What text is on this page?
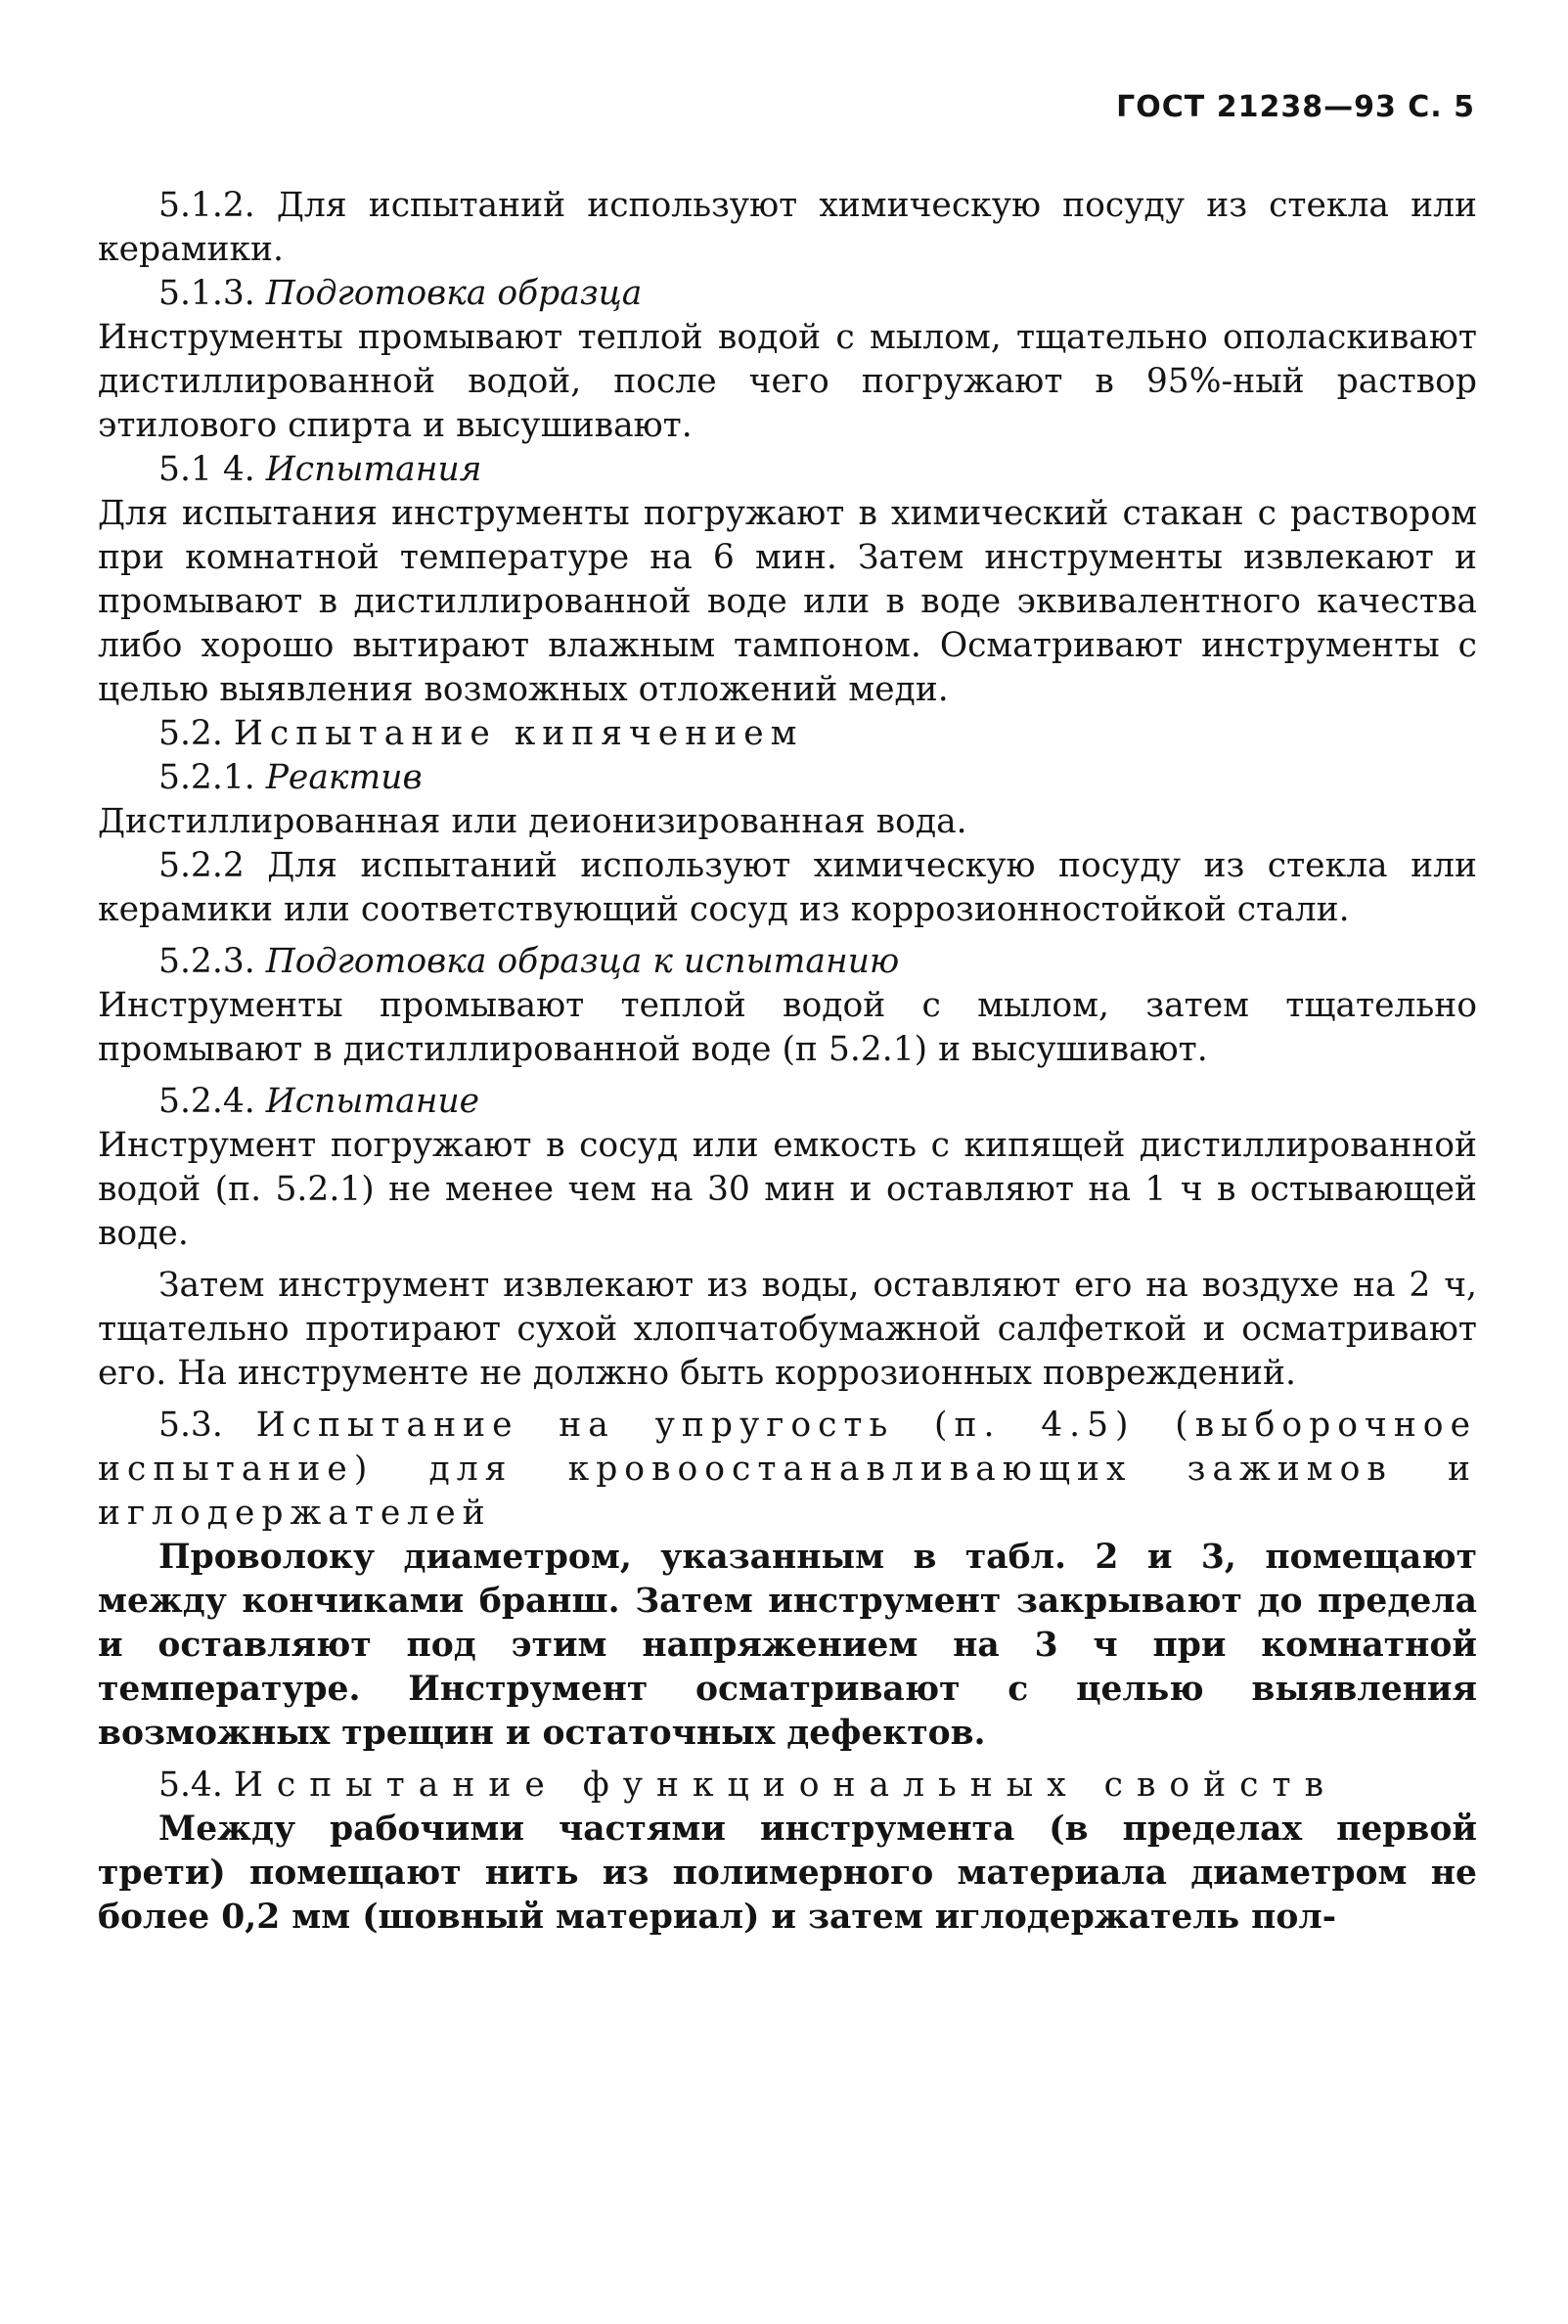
ГОСТ 21238—93 С. 5

5.1.2. Для испытаний используют химическую посуду из стекла или керамики.

5.1.3. Подготовка образца

Инструменты промывают теплой водой с мылом, тщательно ополаскивают дистиллированной водой, после чего погружают в 95%-ный раствор этилового спирта и высушивают.

5.1 4. Испытания

Для испытания инструменты погружают в химический стакан с раствором при комнатной температуре на 6 мин. Затем инструменты извлекают и промывают в дистиллированной воде или в воде эквивалентного качества либо хорошо вытирают влажным тампоном. Осматривают инструменты с целью выявления возможных отложений меди.

5.2. Испытание кипячением

5.2.1. Реактив

Дистиллированная или деионизированная вода.

5.2.2 Для испытаний используют химическую посуду из стекла или керамики или соответствующий сосуд из коррозионностойкой стали.

5.2.3. Подготовка образца к испытанию

Инструменты промывают теплой водой с мылом, затем тщательно промывают в дистиллированной воде (п 5.2.1) и высушивают.

5.2.4. Испытание

Инструмент погружают в сосуд или емкость с кипящей дистиллированной водой (п. 5.2.1) не менее чем на 30 мин и оставляют на 1 ч в остывающей воде.

Затем инструмент извлекают из воды, оставляют его на воздухе на 2 ч, тщательно протирают сухой хлопчатобумажной салфеткой и осматривают его. На инструменте не должно быть коррозионных повреждений.

5.3. Испытание на упругость (п. 4.5) (выборочное испытание) для кровоостанавливающих зажимов и иглодержателей

Проволоку диаметром, указанным в табл. 2 и 3, помещают между кончиками бранш. Затем инструмент закрывают до предела и оставляют под этим напряжением на 3 ч при комнатной температуре. Инструмент осматривают с целью выявления возможных трещин и остаточных дефектов.

5.4. Испытание функциональных свойств

Между рабочими частями инструмента (в пределах первой трети) помещают нить из полимерного материала диаметром не более 0,2 мм (шовный материал) и затем иглодержатель пол-
